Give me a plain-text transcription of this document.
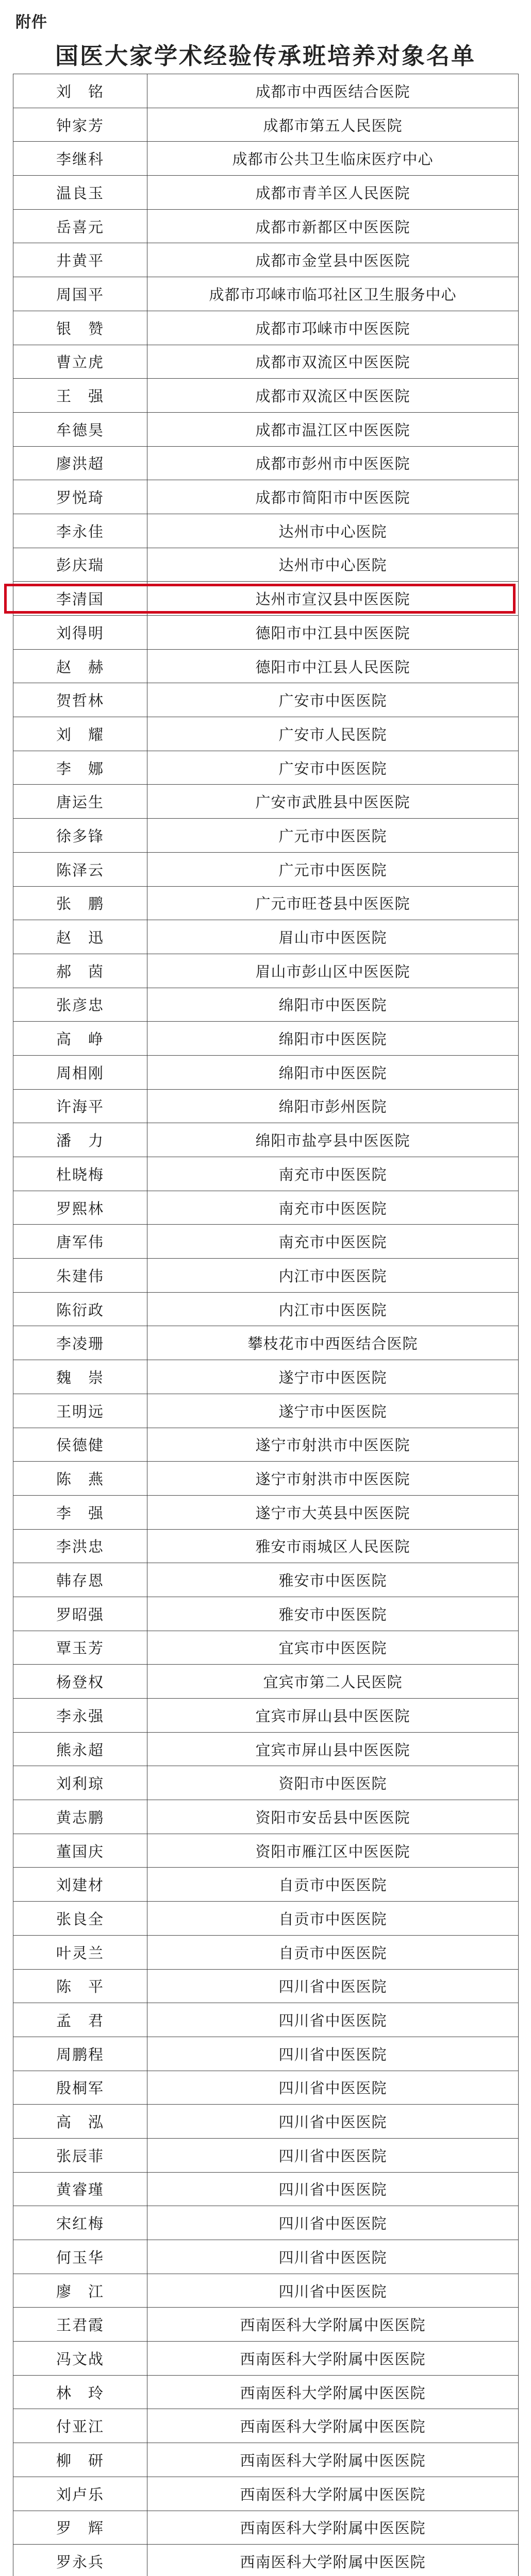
附件
国医大家学术经验传承班培养对象名单
刘　铭	成都市中西医结合医院
钟家芳	成都市第五人民医院
李继科	成都市公共卫生临床医疗中心
温良玉	成都市青羊区人民医院
岳喜元	成都市新都区中医医院
井黄平	成都市金堂县中医医院
周国平	成都市邛崃市临邛社区卫生服务中心
银　赞	成都市邛崃市中医医院
曹立虎	成都市双流区中医医院
王　强	成都市双流区中医医院
牟德昊	成都市温江区中医医院
廖洪超	成都市彭州市中医医院
罗悦琦	成都市简阳市中医医院
李永佳	达州市中心医院
彭庆瑞	达州市中心医院
李清国	达州市宣汉县中医医院
刘得明	德阳市中江县中医医院
赵　赫	德阳市中江县人民医院
贺哲林	广安市中医医院
刘　耀	广安市人民医院
李　娜	广安市中医医院
唐运生	广安市武胜县中医医院
徐多锋	广元市中医医院
陈泽云	广元市中医医院
张　鹏	广元市旺苍县中医医院
赵　迅	眉山市中医医院
郝　茵	眉山市彭山区中医医院
张彦忠	绵阳市中医医院
高　峥	绵阳市中医医院
周相刚	绵阳市中医医院
许海平	绵阳市彭州医院
潘　力	绵阳市盐亭县中医医院
杜晓梅	南充市中医医院
罗熙林	南充市中医医院
唐军伟	南充市中医医院
朱建伟	内江市中医医院
陈衍政	内江市中医医院
李凌珊	攀枝花市中西医结合医院
魏　崇	遂宁市中医医院
王明远	遂宁市中医医院
侯德健	遂宁市射洪市中医医院
陈　燕	遂宁市射洪市中医医院
李　强	遂宁市大英县中医医院
李洪忠	雅安市雨城区人民医院
韩存恩	雅安市中医医院
罗昭强	雅安市中医医院
覃玉芳	宜宾市中医医院
杨登权	宜宾市第二人民医院
李永强	宜宾市屏山县中医医院
熊永超	宜宾市屏山县中医医院
刘利琼	资阳市中医医院
黄志鹏	资阳市安岳县中医医院
董国庆	资阳市雁江区中医医院
刘建材	自贡市中医医院
张良全	自贡市中医医院
叶灵兰	自贡市中医医院
陈　平	四川省中医医院
孟　君	四川省中医医院
周鹏程	四川省中医医院
殷桐军	四川省中医医院
高　泓	四川省中医医院
张辰菲	四川省中医医院
黄睿瑾	四川省中医医院
宋红梅	四川省中医医院
何玉华	四川省中医医院
廖　江	四川省中医医院
王君霞	西南医科大学附属中医医院
冯文战	西南医科大学附属中医医院
林　玲	西南医科大学附属中医医院
付亚江	西南医科大学附属中医医院
柳　研	西南医科大学附属中医医院
刘卢乐	西南医科大学附属中医医院
罗　辉	西南医科大学附属中医医院
罗永兵	西南医科大学附属中医医院
